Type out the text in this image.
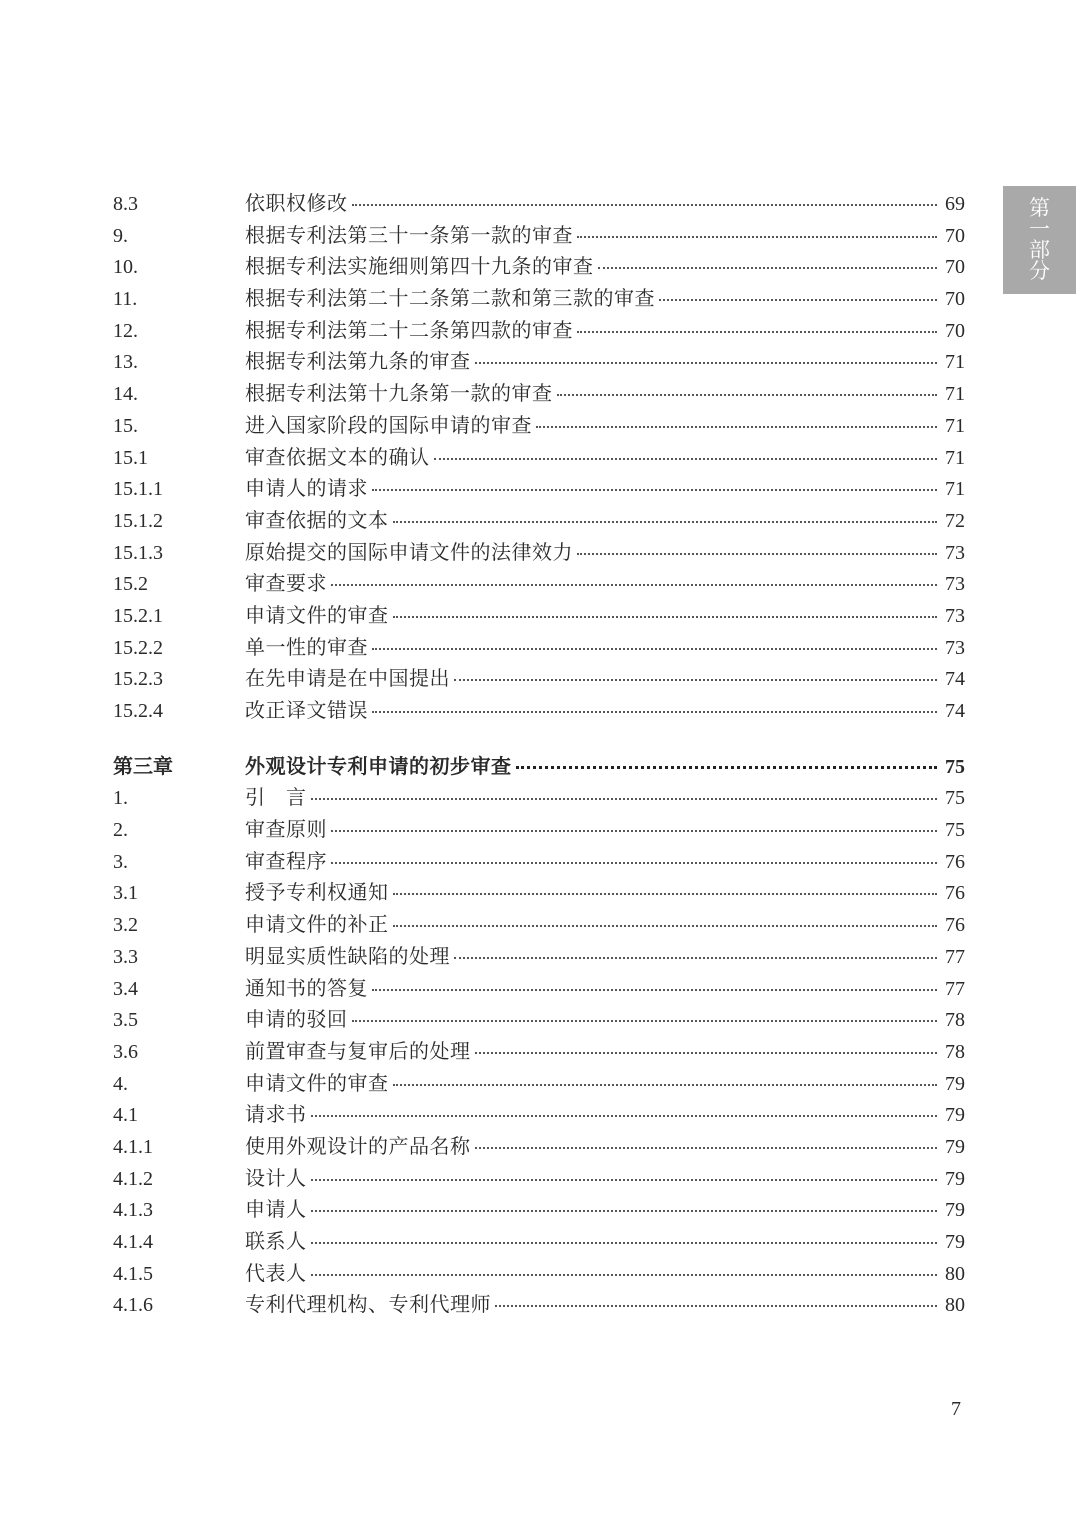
第
一
部
分
8.3	依职权修改	69
9.	根据专利法第三十一条第一款的审查	70
10.	根据专利法实施细则第四十九条的审查	70
11.	根据专利法第二十二条第二款和第三款的审查	70
12.	根据专利法第二十二条第四款的审查	70
13.	根据专利法第九条的审查	71
14.	根据专利法第十九条第一款的审查	71
15.	进入国家阶段的国际申请的审查	71
15.1	审查依据文本的确认	71
15.1.1	申请人的请求	71
15.1.2	审查依据的文本	72
15.1.3	原始提交的国际申请文件的法律效力	73
15.2	审查要求	73
15.2.1	申请文件的审查	73
15.2.2	单一性的审查	73
15.2.3	在先申请是在中国提出	74
15.2.4	改正译文错误	74
第三章	外观设计专利申请的初步审查	75
1.	引　言	75
2.	审查原则	75
3.	审查程序	76
3.1	授予专利权通知	76
3.2	申请文件的补正	76
3.3	明显实质性缺陷的处理	77
3.4	通知书的答复	77
3.5	申请的驳回	78
3.6	前置审查与复审后的处理	78
4.	申请文件的审查	79
4.1	请求书	79
4.1.1	使用外观设计的产品名称	79
4.1.2	设计人	79
4.1.3	申请人	79
4.1.4	联系人	79
4.1.5	代表人	80
4.1.6	专利代理机构、专利代理师	80
7
